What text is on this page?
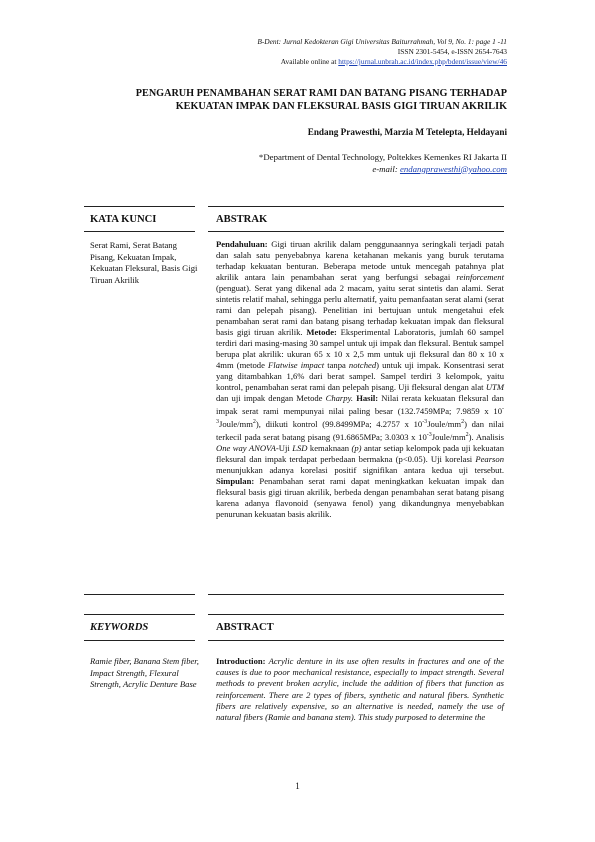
B-Dent: Jurnal Kedokteran Gigi Universitas Baiturrahmah, Vol 9, No. 1: page 1 -11
ISSN 2301-5454, e-ISSN 2654-7643
Available online at https://jurnal.unbrah.ac.id/index.php/bdent/issue/view/46
PENGARUH PENAMBAHAN SERAT RAMI DAN BATANG PISANG TERHADAP
KEKUATAN IMPAK DAN FLEKSURAL BASIS GIGI TIRUAN AKRILIK
Endang Prawesthi, Marzia M Tetelepta, Heldayani
*Department of Dental Technology, Poltekkes Kemenkes RI Jakarta II
e-mail: endangprawesthi@yahoo.com
KATA KUNCI	ABSTRAK
Serat Rami, Serat Batang Pisang, Kekuatan Impak, Kekuatan Fleksural, Basis Gigi Tiruan Akrilik
Pendahuluan: Gigi tiruan akrilik dalam penggunaannya seringkali terjadi patah dan salah satu penyebabnya karena ketahanan mekanis yang buruk terutama terhadap kekuatan benturan. Beberapa metode untuk mencegah patahnya plat akrilik antara lain penambahan serat yang berfungsi sebagai reinforcement (penguat). Serat yang dikenal ada 2 macam, yaitu serat sintetis dan alami. Serat sintetis relatif mahal, sehingga perlu alternatif, yaitu pemanfaatan serat alami (serat rami dan pelepah pisang). Penelitian ini bertujuan untuk mengetahui efek penambahan serat rami dan batang pisang terhadap kekuatan impak dan fleksural basis gigi tiruan akrilik. Metode: Eksperimental Laboratoris, jumlah 60 sampel terdiri dari masing-masing 30 sampel untuk uji impak dan fleksural. Bentuk sampel berupa plat akrilik: ukuran 65 x 10 x 2,5 mm untuk uji fleksural dan 80 x 10 x 4mm (metode Flatwise impact tanpa notched) untuk uji impak. Konsentrasi serat yang ditambahkan 1,6% dari berat sampel. Sampel terdiri 3 kelompok, yaitu kontrol, penambahan serat rami dan pelepah pisang. Uji fleksural dengan alat UTM dan uji impak dengan Metode Charpy. Hasil: Nilai rerata kekuatan fleksural dan impak serat rami mempunyai nilai paling besar (132.7459MPa; 7.9859 x $10^{-3}Joule/mm^2$), diikuti kontrol (99.8499MPa; 4.2757 x $10^{-3}Joule/mm^2$) dan nilai terkecil pada serat batang pisang (91.6865MPa; 3.0303 x $10^{-3}Joule/mm^2$). Analisis One way ANOVA-Uji LSD kemaknaan (p) antar setiap kelompok pada uji kekuatan fleksural dan impak terdapat perbedaan bermakna (p<0.05). Uji korelasi Pearson menunjukkan adanya korelasi positif signifikan antara kedua uji tersebut. Simpulan: Penambahan serat rami dapat meningkatkan kekuatan impak dan fleksural basis gigi tiruan akrilik, berbeda dengan penambahan serat batang pisang karena adanya flavonoid (senyawa fenol) yang dikandungnya menyebabkan penurunan kekuatan basis akrilik.
KEYWORDS	ABSTRACT
Ramie fiber, Banana Stem fiber, Impact Strength, Flexural Strength, Acrylic Denture Base
Introduction: Acrylic denture in its use often results in fractures and one of the causes is due to poor mechanical resistance, especially to impact strength. Several methods to prevent broken acrylic, include the addition of fibers that function as reinforcement. There are 2 types of fibers, synthetic and natural fibers. Synthetic fibers are relatively expensive, so an alternative is needed, namely the use of natural fibers (Ramie and banana stem). This study purposed to determine the
1
